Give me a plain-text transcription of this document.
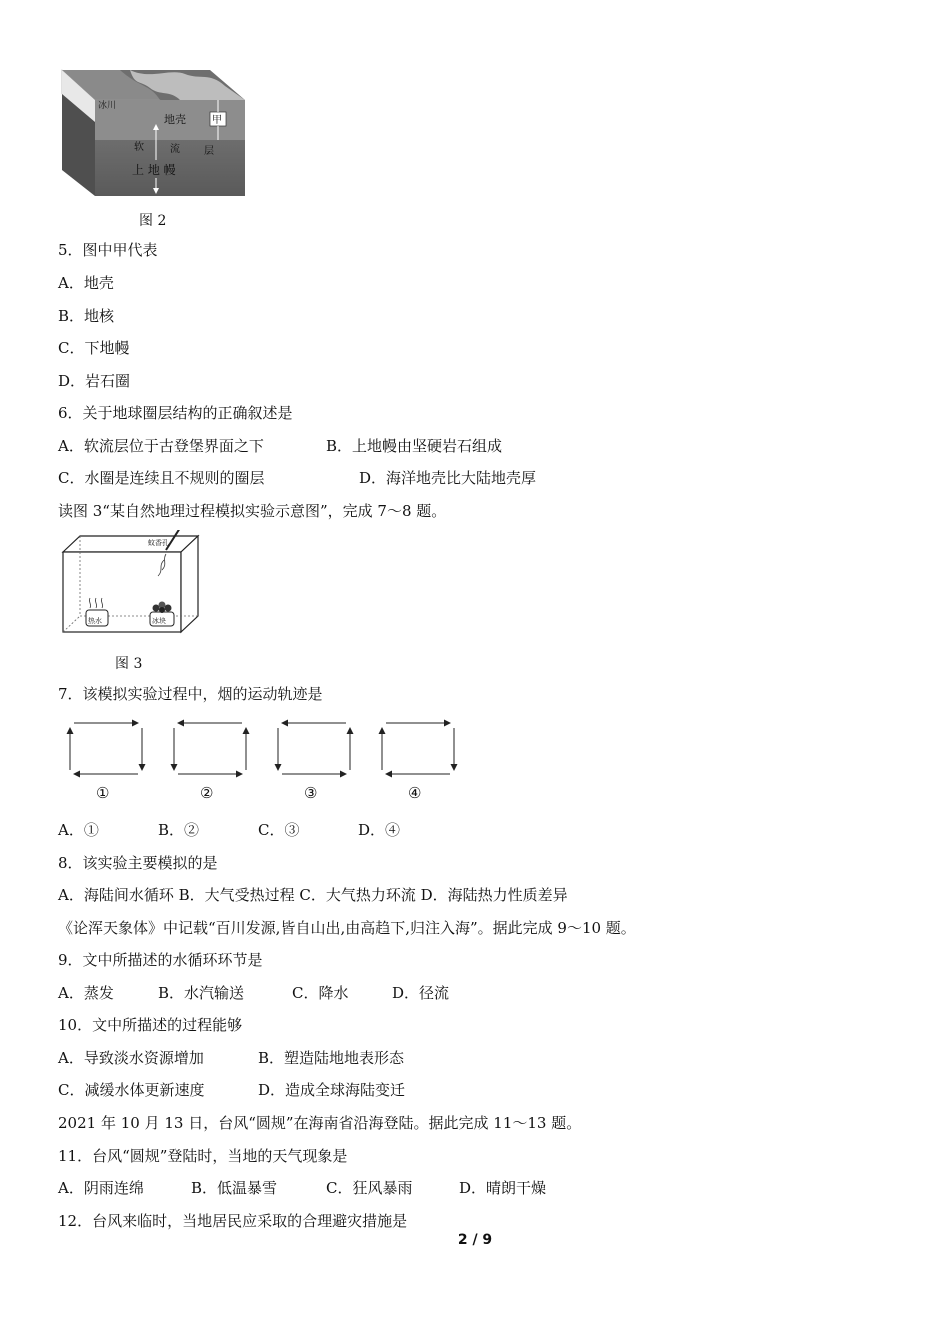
冰川
地壳	甲
软	流 层
上 地 幔
图 2
5．图中甲代表
A．地壳
B．地核
C．下地幔
D．岩石圈
6．关于地球圈层结构的正确叙述是
A．软流层位于古登堡界面之下	B．上地幔由坚硬岩石组成
C．水圈是连续且不规则的圈层	D．海洋地壳比大陆地壳厚
读图 3“某自然地理过程模拟实验示意图”，完成 7～8 题。
蚊香孔
热水	冰块
图 3
7．该模拟实验过程中，烟的运动轨迹是
①	②	③	④
A．①	B．②	C．③	D．④
8．该实验主要模拟的是
A．海陆间水循环 B．大气受热过程 C．大气热力环流 D．海陆热力性质差异
《论浑天象体》中记载“百川发源,皆自山出,由高趋下,归注入海”。据此完成 9～10 题。
9．文中所描述的水循环环节是
A．蒸发	B．水汽输送	C．降水	D．径流
10．文中所描述的过程能够
A．导致淡水资源增加	B．塑造陆地地表形态
C．减缓水体更新速度	D．造成全球海陆变迁
2021 年 10 月 13 日，台风“圆规”在海南省沿海登陆。据此完成 11～13 题。
11．台风“圆规”登陆时，当地的天气现象是
A．阴雨连绵	B．低温暴雪	C．狂风暴雨	D．晴朗干燥
12．台风来临时，当地居民应采取的合理避灾措施是
2 / 9
